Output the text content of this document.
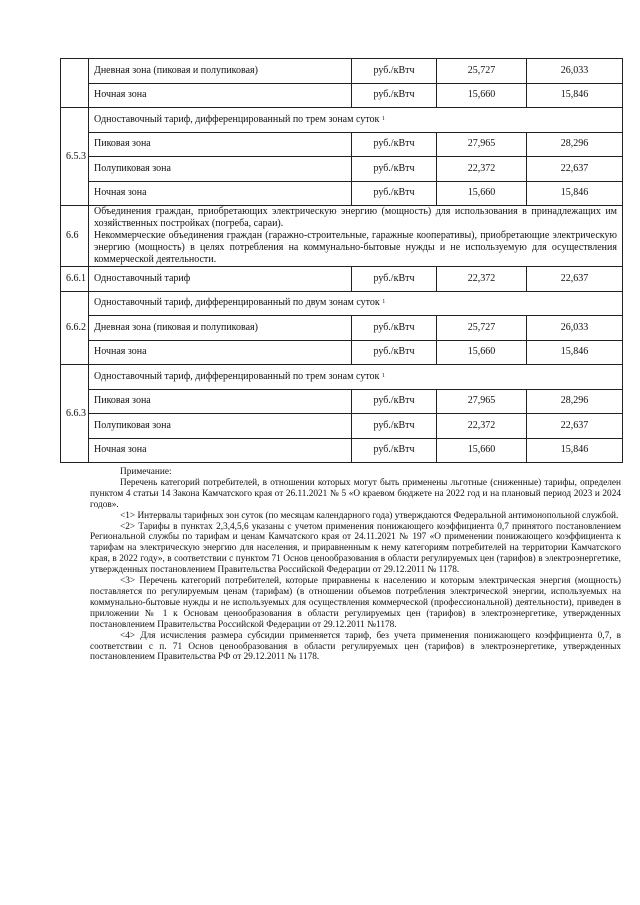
	Дневная зона (пиковая и полупиковая)	руб./кВтч	25,727	26,033
	Ночная зона	руб./кВтч	15,660	15,846
6.5.3	Одноставочный тариф, дифференцированный по трем зонам суток $^1$
	Пиковая зона	руб./кВтч	27,965	28,296
	Полупиковая зона	руб./кВтч	22,372	22,637
	Ночная зона	руб./кВтч	15,660	15,846
6.6	Объединения граждан, приобретающих электрическую энергию (мощность) для использования в принадлежащих им хозяйственных постройках (погреба, сараи).
Некоммерческие объединения граждан (гаражно-строительные, гаражные кооперативы), приобретающие электрическую энергию (мощность) в целях потребления на коммунально-бытовые нужды и не используемую для осуществления коммерческой деятельности.			

6.6.1	Одноставочный тариф	руб./кВтч	22,372	22,637
6.6.2	Одноставочный тариф, дифференцированный по двум зонам суток $^1$
	Дневная зона (пиковая и полупиковая)	руб./кВтч	25,727	26,033
	Ночная зона	руб./кВтч	15,660	15,846
6.6.3	Одноставочный тариф, дифференцированный по трем зонам суток $^1$
	Пиковая зона	руб./кВтч	27,965	28,296
	Полупиковая зона	руб./кВтч	22,372	22,637
	Ночная зона	руб./кВтч	15,660	15,846

Примечание:

Перечень категорий потребителей, в отношении которых могут быть применены льготные (сниженные) тарифы, определен пунктом 4 статьи 14 Закона Камчатского края от 26.11.2021 № 5 «О краевом бюджете на 2022 год и на плановый период 2023 и 2024 годов».

<1> Интервалы тарифных зон суток (по месяцам календарного года) утверждаются Федеральной антимонопольной службой.

<2> Тарифы в пунктах 2,3,4,5,6 указаны с учетом применения понижающего коэффициента 0,7 принятого постановлением Региональной службы по тарифам и ценам Камчатского края от 24.11.2021 № 197 «О применении понижающего коэффициента к тарифам на электрическую энергию для населения, и приравненным к нему категориям потребителей на территории Камчатского края, в 2022 году», в соответствии с пунктом 71 Основ ценообразования в области регулируемых цен (тарифов) в электроэнергетике, утвержденных постановлением Правительства Российской Федерации от 29.12.2011 № 1178.

<3> Перечень категорий потребителей, которые приравнены к населению и которым электрическая энергия (мощность) поставляется по регулируемым ценам (тарифам) (в отношении объемов потребления электрической энергии, используемых на коммунально-бытовые нужды и не используемых для осуществления коммерческой (профессиональной) деятельности), приведен в приложении № 1 к Основам ценообразования в области регулируемых цен (тарифов) в электроэнергетике, утвержденных постановлением Правительства Российской Федерации от 29.12.2011 №1178.

<4> Для исчисления размера субсидии применяется тариф, без учета применения понижающего коэффициента 0,7, в соответствии с п. 71 Основ ценообразования в области регулируемых цен (тарифов) в электроэнергетике, утвержденных постановлением Правительства РФ от 29.12.2011 № 1178.
